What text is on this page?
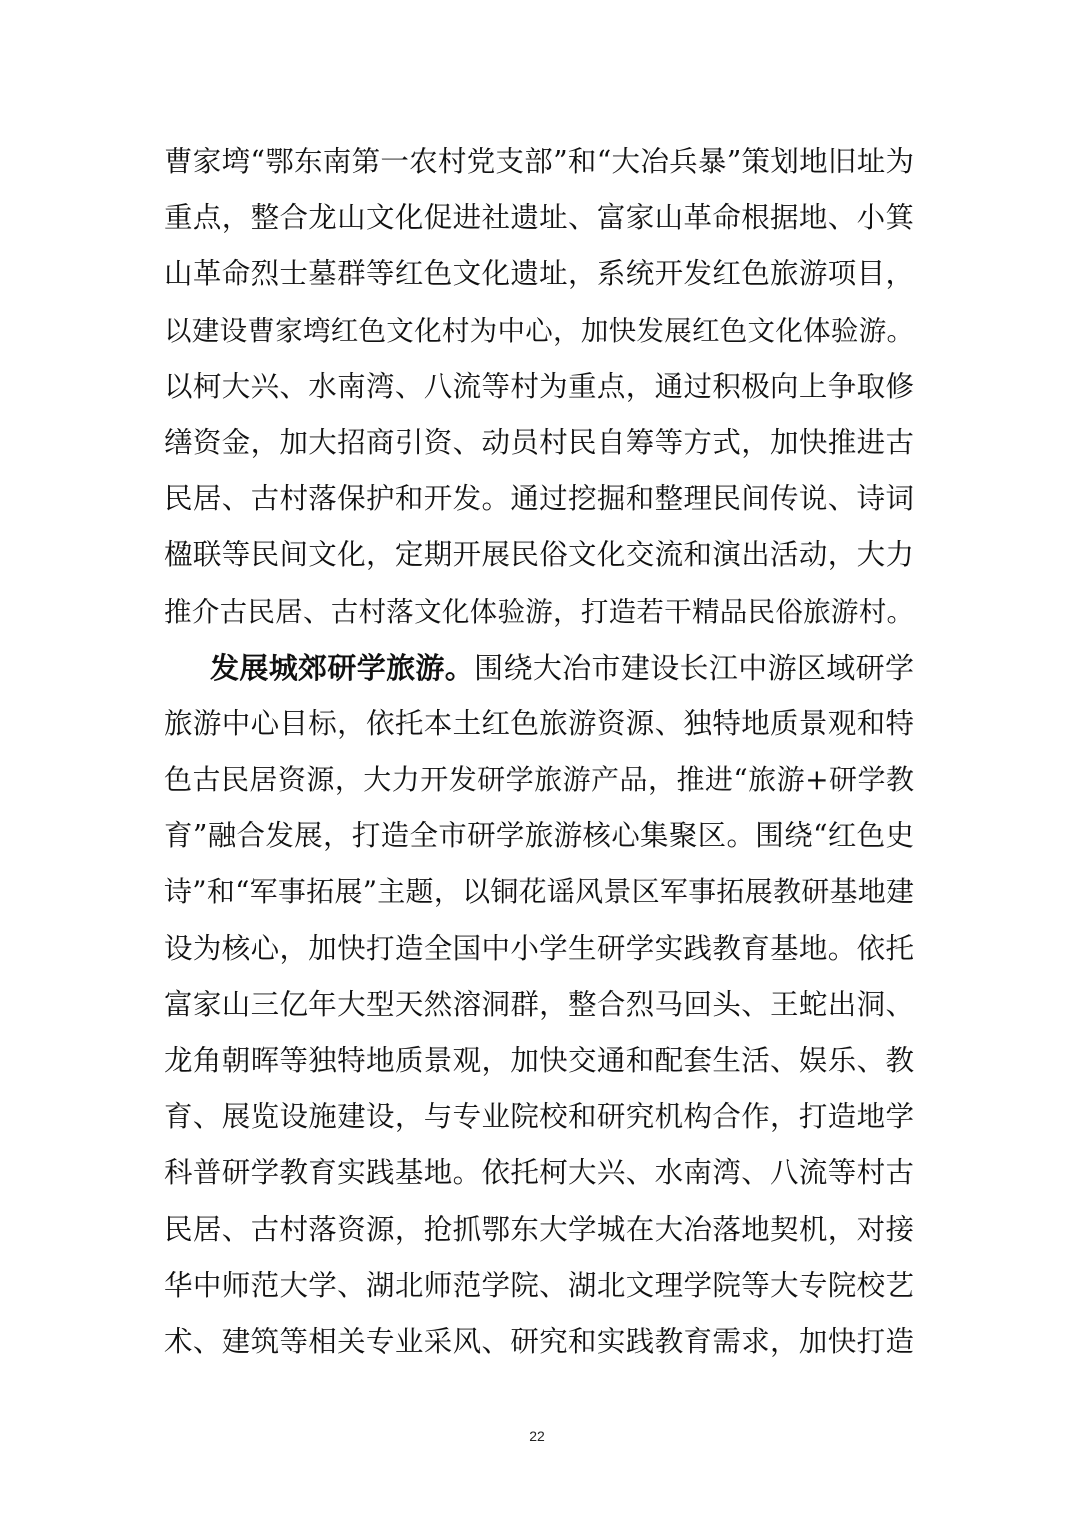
曹家塆“鄂东南第一农村党支部”和“大冶兵暴”策划地旧址为
重点，整合龙山文化促进社遗址、富家山革命根据地、小箕
山革命烈士墓群等红色文化遗址，系统开发红色旅游项目，
以建设曹家塆红色文化村为中心，加快发展红色文化体验游。
以柯大兴、水南湾、八流等村为重点，通过积极向上争取修
缮资金，加大招商引资、动员村民自筹等方式，加快推进古
民居、古村落保护和开发。通过挖掘和整理民间传说、诗词
楹联等民间文化，定期开展民俗文化交流和演出活动，大力
推介古民居、古村落文化体验游，打造若干精品民俗旅游村。
发展城郊研学旅游。围绕大冶市建设长江中游区域研学
旅游中心目标，依托本土红色旅游资源、独特地质景观和特
色古民居资源，大力开发研学旅游产品，推进“旅游+研学教
育”融合发展，打造全市研学旅游核心集聚区。围绕“红色史
诗”和“军事拓展”主题，以铜花谣风景区军事拓展教研基地建
设为核心，加快打造全国中小学生研学实践教育基地。依托
富家山三亿年大型天然溶洞群，整合烈马回头、王蛇出洞、
龙角朝晖等独特地质景观，加快交通和配套生活、娱乐、教
育、展览设施建设，与专业院校和研究机构合作，打造地学
科普研学教育实践基地。依托柯大兴、水南湾、八流等村古
民居、古村落资源，抢抓鄂东大学城在大冶落地契机，对接
华中师范大学、湖北师范学院、湖北文理学院等大专院校艺
术、建筑等相关专业采风、研究和实践教育需求，加快打造
22
